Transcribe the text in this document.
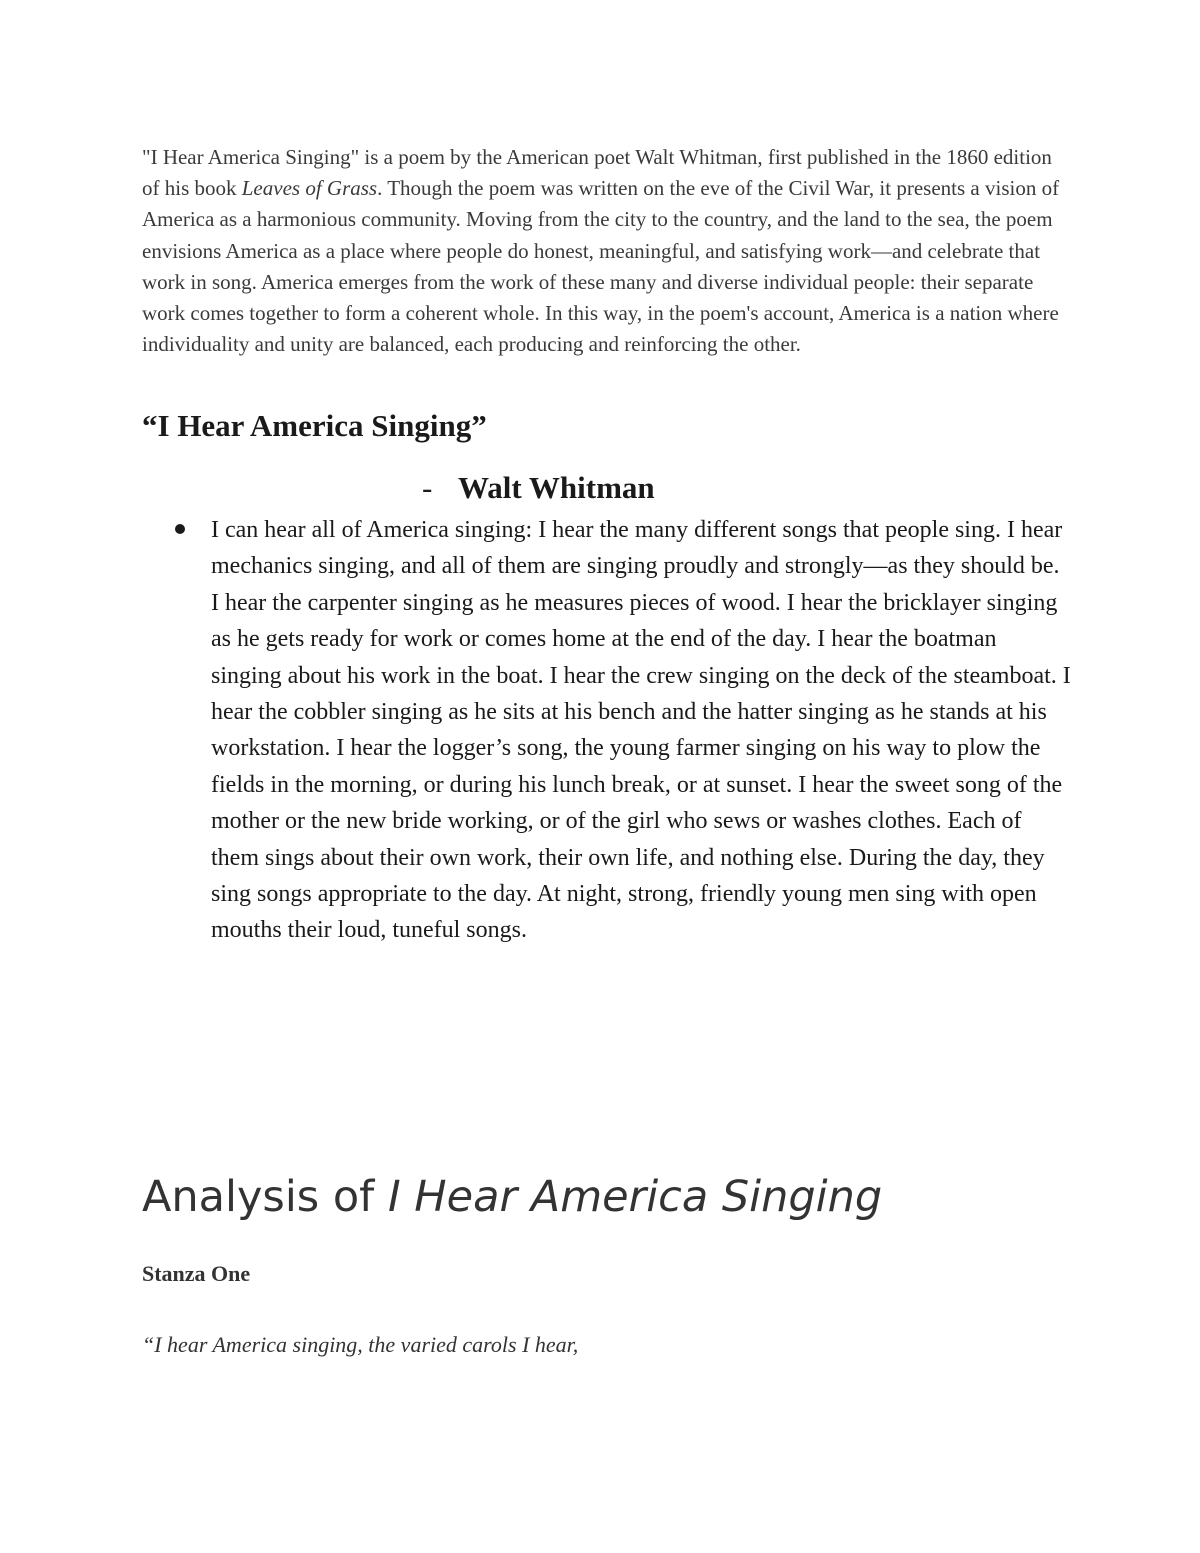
"I Hear America Singing" is a poem by the American poet Walt Whitman, first published in the 1860 edition of his book Leaves of Grass. Though the poem was written on the eve of the Civil War, it presents a vision of America as a harmonious community. Moving from the city to the country, and the land to the sea, the poem envisions America as a place where people do honest, meaningful, and satisfying work—and celebrate that work in song. America emerges from the work of these many and diverse individual people: their separate work comes together to form a coherent whole. In this way, in the poem's account, America is a nation where individuality and unity are balanced, each producing and reinforcing the other.

“I Hear America Singing”

- Walt Whitman

I can hear all of America singing: I hear the many different songs that people sing. I hear mechanics singing, and all of them are singing proudly and strongly—as they should be. I hear the carpenter singing as he measures pieces of wood. I hear the bricklayer singing as he gets ready for work or comes home at the end of the day. I hear the boatman singing about his work in the boat. I hear the crew singing on the deck of the steamboat. I hear the cobbler singing as he sits at his bench and the hatter singing as he stands at his workstation. I hear the logger’s song, the young farmer singing on his way to plow the fields in the morning, or during his lunch break, or at sunset. I hear the sweet song of the mother or the new bride working, or of the girl who sews or washes clothes. Each of them sings about their own work, their own life, and nothing else. During the day, they sing songs appropriate to the day. At night, strong, friendly young men sing with open mouths their loud, tuneful songs.
Analysis of I Hear America Singing

Stanza One

“I hear America singing, the varied carols I hear,
